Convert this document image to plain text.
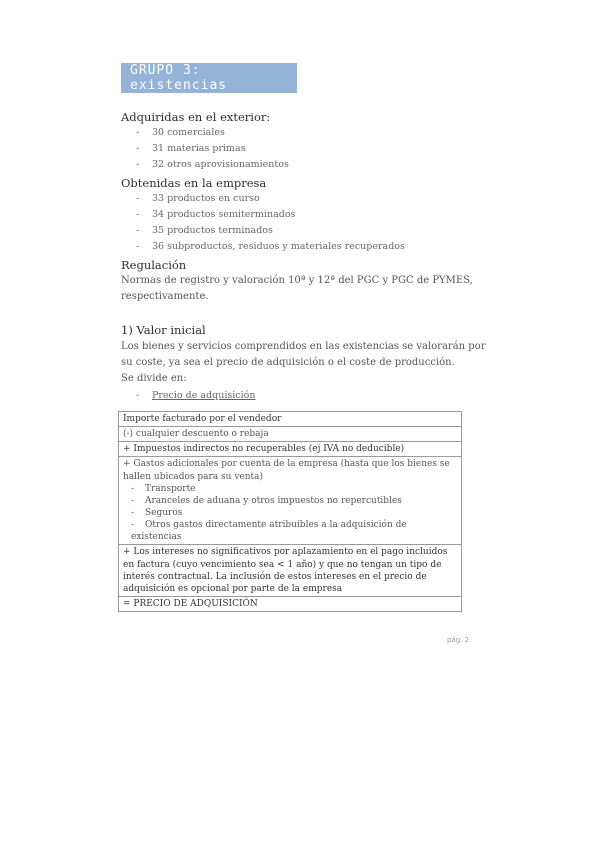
GRUPO 3: existencias
Adquiridas en el exterior:
- 30 comerciales
- 31 materias primas
- 32 otros aprovisionamientos
Obtenidas en la empresa
- 33 productos en curso
- 34 productos semiterminados
- 35 productos terminados
- 36 subproductos, residuos y materiales recuperados
Regulación
Normas de registro y valoración 10ª y 12ª del PGC y PGC de PYMES,
respectivamente.
1) Valor inicial
Los bienes y servicios comprendidos en las existencias se valorarán por
su coste, ya sea el precio de adquisición o el coste de producción.
Se divide en:
- Precio de adquisición
Importe facturado por el vendedor
(-) cualquier descuento o rebaja
+ Impuestos indirectos no recuperables (ej IVA no deducible)
+ Gastos adicionales por cuenta de la empresa (hasta que los bienes se
hallen ubicados para su venta)
- Transporte
- Aranceles de aduana y otros impuestos no repercutibles
- Seguros
- Otros gastos directamente atribuibles a la adquisición de existencias

+ Los intereses no significativos por aplazamiento en el pago incluidos
en factura (cuyo vencimiento sea < 1 año) y que no tengan un tipo de
interés contractual. La inclusión de estos intereses en el precio de
adquisición es opcional por parte de la empresa
= PRECIO DE ADQUISICIÓN
pág. 2
